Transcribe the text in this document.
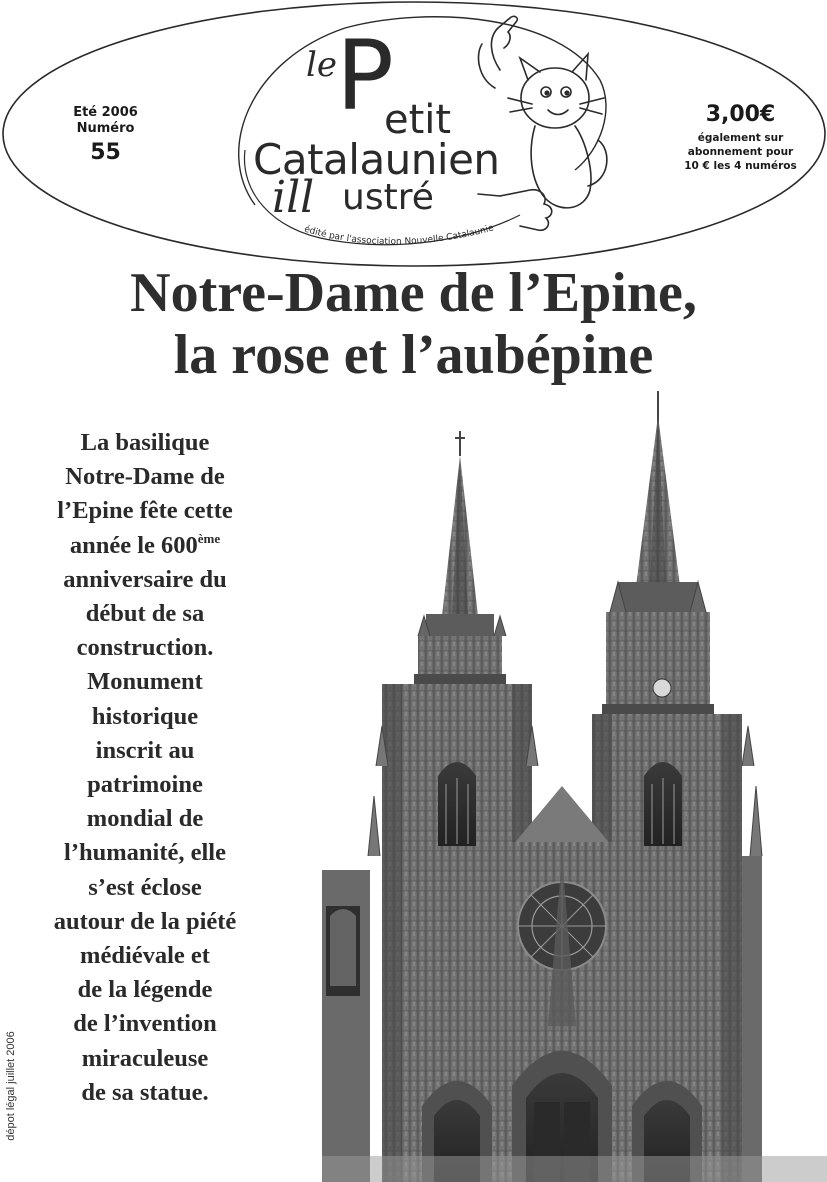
Eté 2006
Numéro
55
le P
etit
Catalaunien
ill ustré
édité par l'association Nouvelle Catalaunie
3,00€
également sur
abonnement pour
10 € les 4 numéros
Notre-Dame de l’Epine,
la rose et l’aubépine
La basilique
Notre-Dame de
l’Epine fête cette
année le 600ème
anniversaire du
début de sa
construction.
Monument
historique
inscrit au
patrimoine
mondial de
l’humanité, elle
s’est éclose
autour de la piété
médiévale et
de la légende
de l’invention
miraculeuse
de sa statue.
dépot légal juillet 2006
